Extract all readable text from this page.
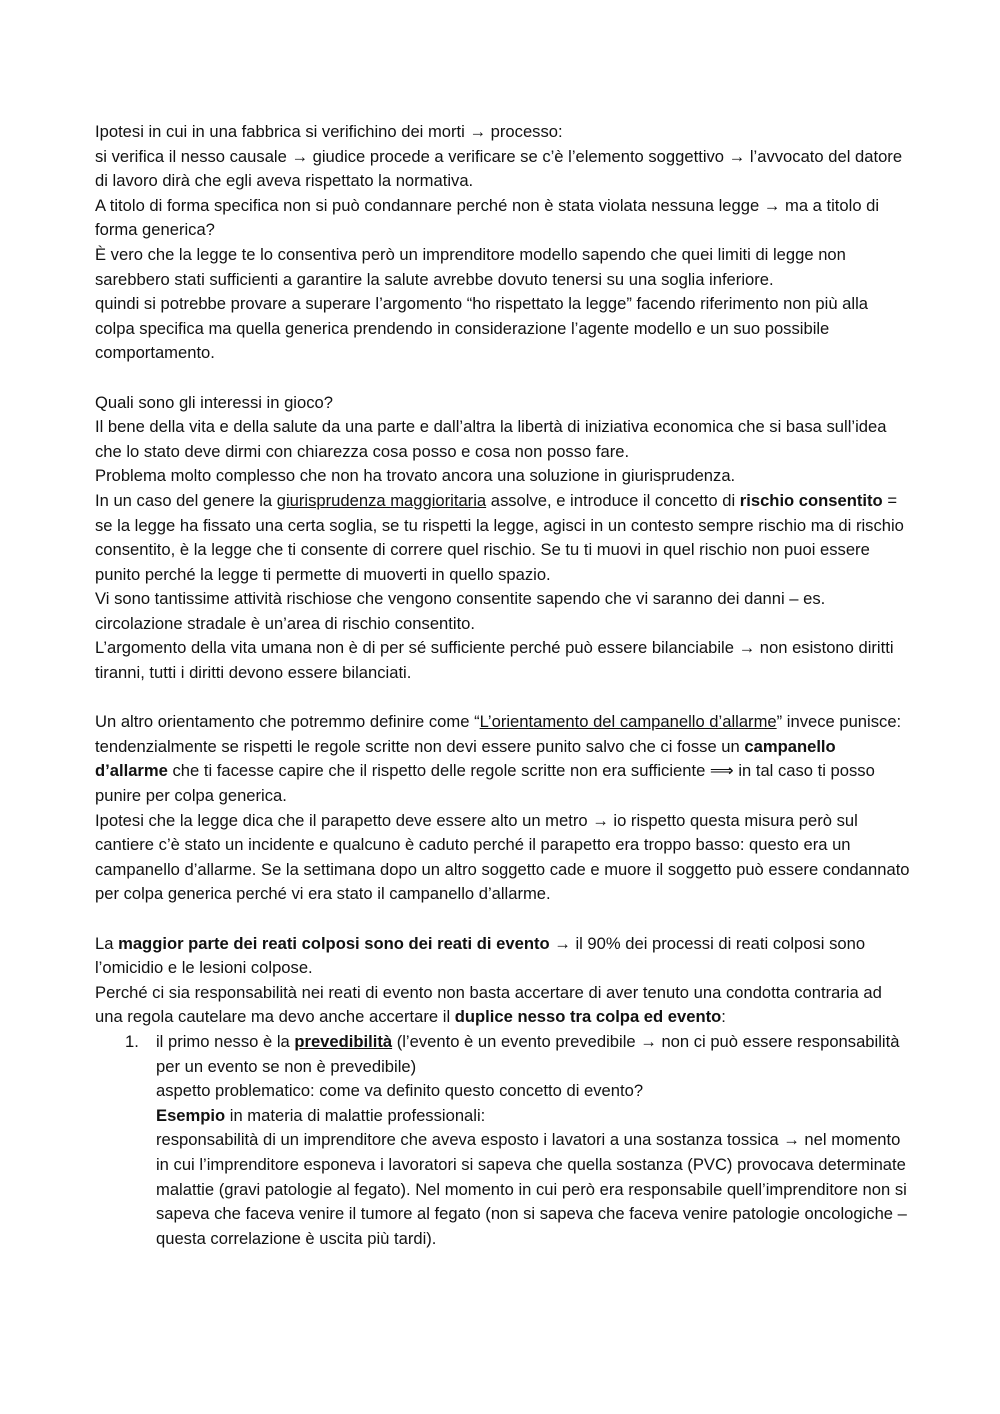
Ipotesi in cui in una fabbrica si verifichino dei morti → processo:

si verifica il nesso causale → giudice procede a verificare se c’è l’elemento soggettivo → l’avvocato del datore di lavoro dirà che egli aveva rispettato la normativa.

A titolo di forma specifica non si può condannare perché non è stata violata nessuna legge → ma a titolo di forma generica?

È vero che la legge te lo consentiva però un imprenditore modello sapendo che quei limiti di legge non sarebbero stati sufficienti a garantire la salute avrebbe dovuto tenersi su una soglia inferiore.

quindi si potrebbe provare a superare l’argomento “ho rispettato la legge” facendo riferimento non più alla colpa specifica ma quella generica prendendo in considerazione l’agente modello e un suo possibile comportamento.

Quali sono gli interessi in gioco?

Il bene della vita e della salute da una parte e dall’altra la libertà di iniziativa economica che si basa sull’idea che lo stato deve dirmi con chiarezza cosa posso e cosa non posso fare.

Problema molto complesso che non ha trovato ancora una soluzione in giurisprudenza.

In un caso del genere la giurisprudenza maggioritaria assolve, e introduce il concetto di rischio consentito = se la legge ha fissato una certa soglia, se tu rispetti la legge, agisci in un contesto sempre rischio ma di rischio consentito, è la legge che ti consente di correre quel rischio. Se tu ti muovi in quel rischio non puoi essere punito perché la legge ti permette di muoverti in quello spazio.

Vi sono tantissime attività rischiose che vengono consentite sapendo che vi saranno dei danni – es. circolazione stradale è un’area di rischio consentito.

L’argomento della vita umana non è di per sé sufficiente perché può essere bilanciabile → non esistono diritti tiranni, tutti i diritti devono essere bilanciati.

Un altro orientamento che potremmo definire come “L’orientamento del campanello d’allarme” invece punisce: tendenzialmente se rispetti le regole scritte non devi essere punito salvo che ci fosse un campanello d’allarme che ti facesse capire che il rispetto delle regole scritte non era sufficiente ⟹ in tal caso ti posso punire per colpa generica.

Ipotesi che la legge dica che il parapetto deve essere alto un metro → io rispetto questa misura però sul cantiere c’è stato un incidente e qualcuno è caduto perché il parapetto era troppo basso: questo era un campanello d’allarme. Se la settimana dopo un altro soggetto cade e muore il soggetto può essere condannato per colpa generica perché vi era stato il campanello d’allarme.

La maggior parte dei reati colposi sono dei reati di evento → il 90% dei processi di reati colposi sono l’omicidio e le lesioni colpose.

Perché ci sia responsabilità nei reati di evento non basta accertare di aver tenuto una condotta contraria ad una regola cautelare ma devo anche accertare il duplice nesso tra colpa ed evento:

1. il primo nesso è la prevedibilità (l’evento è un evento prevedibile → non ci può essere responsabilità per un evento se non è prevedibile)

aspetto problematico: come va definito questo concetto di evento?

Esempio in materia di malattie professionali:

responsabilità di un imprenditore che aveva esposto i lavatori a una sostanza tossica → nel momento in cui l’imprenditore esponeva i lavoratori si sapeva che quella sostanza (PVC) provocava determinate malattie (gravi patologie al fegato). Nel momento in cui però era responsabile quell’imprenditore non si sapeva che faceva venire il tumore al fegato (non si sapeva che faceva venire patologie oncologiche – questa correlazione è uscita più tardi).
